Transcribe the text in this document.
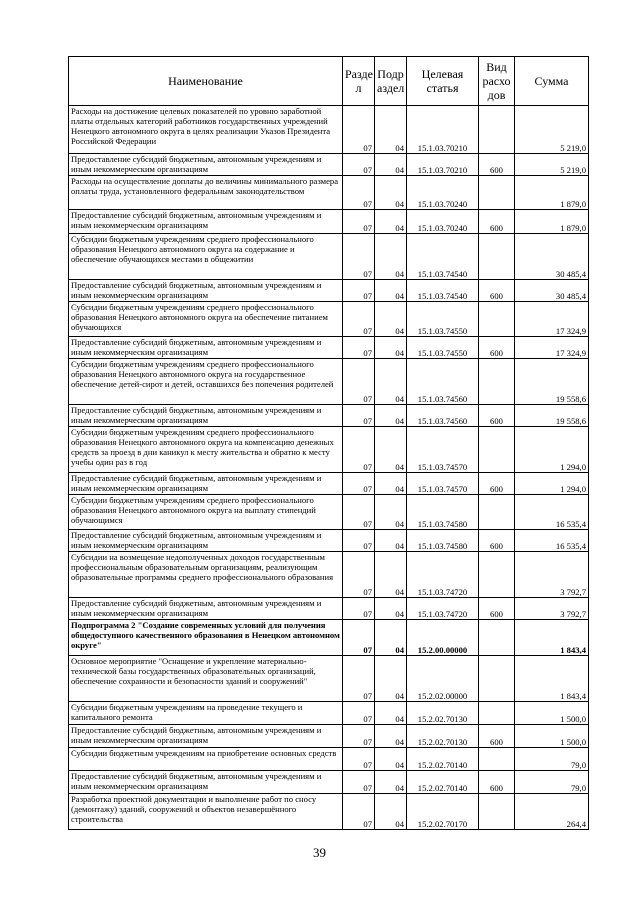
Наименование	Разде л	Подр аздел	Целевая статья	Вид расхо дов	Сумма
Расходы на достижение целевых показателей по уровню заработной платы отдельных категорий работников государственных учреждений Ненецкого автономного округа в целях реализации Указов Президента Российской Федерации	07	04	15.1.03.70210		5 219,0
Предоставление субсидий бюджетным, автономным учреждениям и иным некоммерческим организациям	07	04	15.1.03.70210	600	5 219,0
Расходы на осуществление доплаты до величины минимального размера оплаты труда, установленного федеральным законодательством	07	04	15.1.03.70240		1 879,0
Предоставление субсидий бюджетным, автономным учреждениям и иным некоммерческим организациям	07	04	15.1.03.70240	600	1 879,0
Субсидии бюджетным учреждениям среднего профессионального образования Ненецкого автономного округа на содержание и обеспечение обучающихся местами в общежитии	07	04	15.1.03.74540		30 485,4
Предоставление субсидий бюджетным, автономным учреждениям и иным некоммерческим организациям	07	04	15.1.03.74540	600	30 485,4
Субсидии бюджетным учреждениям среднего профессионального образования Ненецкого автономного округа на обеспечение питанием обучающихся	07	04	15.1.03.74550		17 324,9
Предоставление субсидий бюджетным, автономным учреждениям и иным некоммерческим организациям	07	04	15.1.03.74550	600	17 324,9
Субсидии бюджетным учреждениям среднего профессионального образования Ненецкого автономного округа на государственное обеспечение детей-сирот и детей, оставшихся без попечения родителей	07	04	15.1.03.74560		19 558,6
Предоставление субсидий бюджетным, автономным учреждениям и иным некоммерческим организациям	07	04	15.1.03.74560	600	19 558,6
Субсидии бюджетным учреждениям среднего профессионального образования Ненецкого автономного округа на компенсацию денежных средств за проезд в дни каникул к месту жительства и обратно к месту учебы один раз в год	07	04	15.1.03.74570		1 294,0
Предоставление субсидий бюджетным, автономным учреждениям и иным некоммерческим организациям	07	04	15.1.03.74570	600	1 294,0
Субсидии бюджетным учреждениям среднего профессионального образования Ненецкого автономного округа на выплату стипендий обучающимся	07	04	15.1.03.74580		16 535,4
Предоставление субсидий бюджетным, автономным учреждениям и иным некоммерческим организациям	07	04	15.1.03.74580	600	16 535,4
Субсидии на возмещение недополученных доходов государственным профессиональным образовательным организациям, реализующим образовательные программы среднего профессионального образования	07	04	15.1.03.74720		3 792,7
Предоставление субсидий бюджетным, автономным учреждениям и иным некоммерческим организациям	07	04	15.1.03.74720	600	3 792,7
Подпрограмма 2 "Создание современных условий для получения общедоступного качественного образования в Ненецком автономном округе"	07	04	15.2.00.00000		1 843,4
Основное мероприятие "Оснащение и укрепление материально-технической базы государственных образовательных организаций, обеспечение сохранности и безопасности зданий и сооружений"	07	04	15.2.02.00000		1 843,4
Субсидии бюджетным учреждениям на проведение текущего и капитального ремонта	07	04	15.2.02.70130		1 500,0
Предоставление субсидий бюджетным, автономным учреждениям и иным некоммерческим организациям	07	04	15.2.02.70130	600	1 500,0
Субсидии бюджетным учреждениям на приобретение основных средств	07	04	15.2.02.70140		79,0
Предоставление субсидий бюджетным, автономным учреждениям и иным некоммерческим организациям	07	04	15.2.02.70140	600	79,0
Разработка проектной документации и выполнение работ по сносу (демонтажу) зданий, сооружений и объектов незавершённого строительства	07	04	15.2.02.70170		264,4
39
